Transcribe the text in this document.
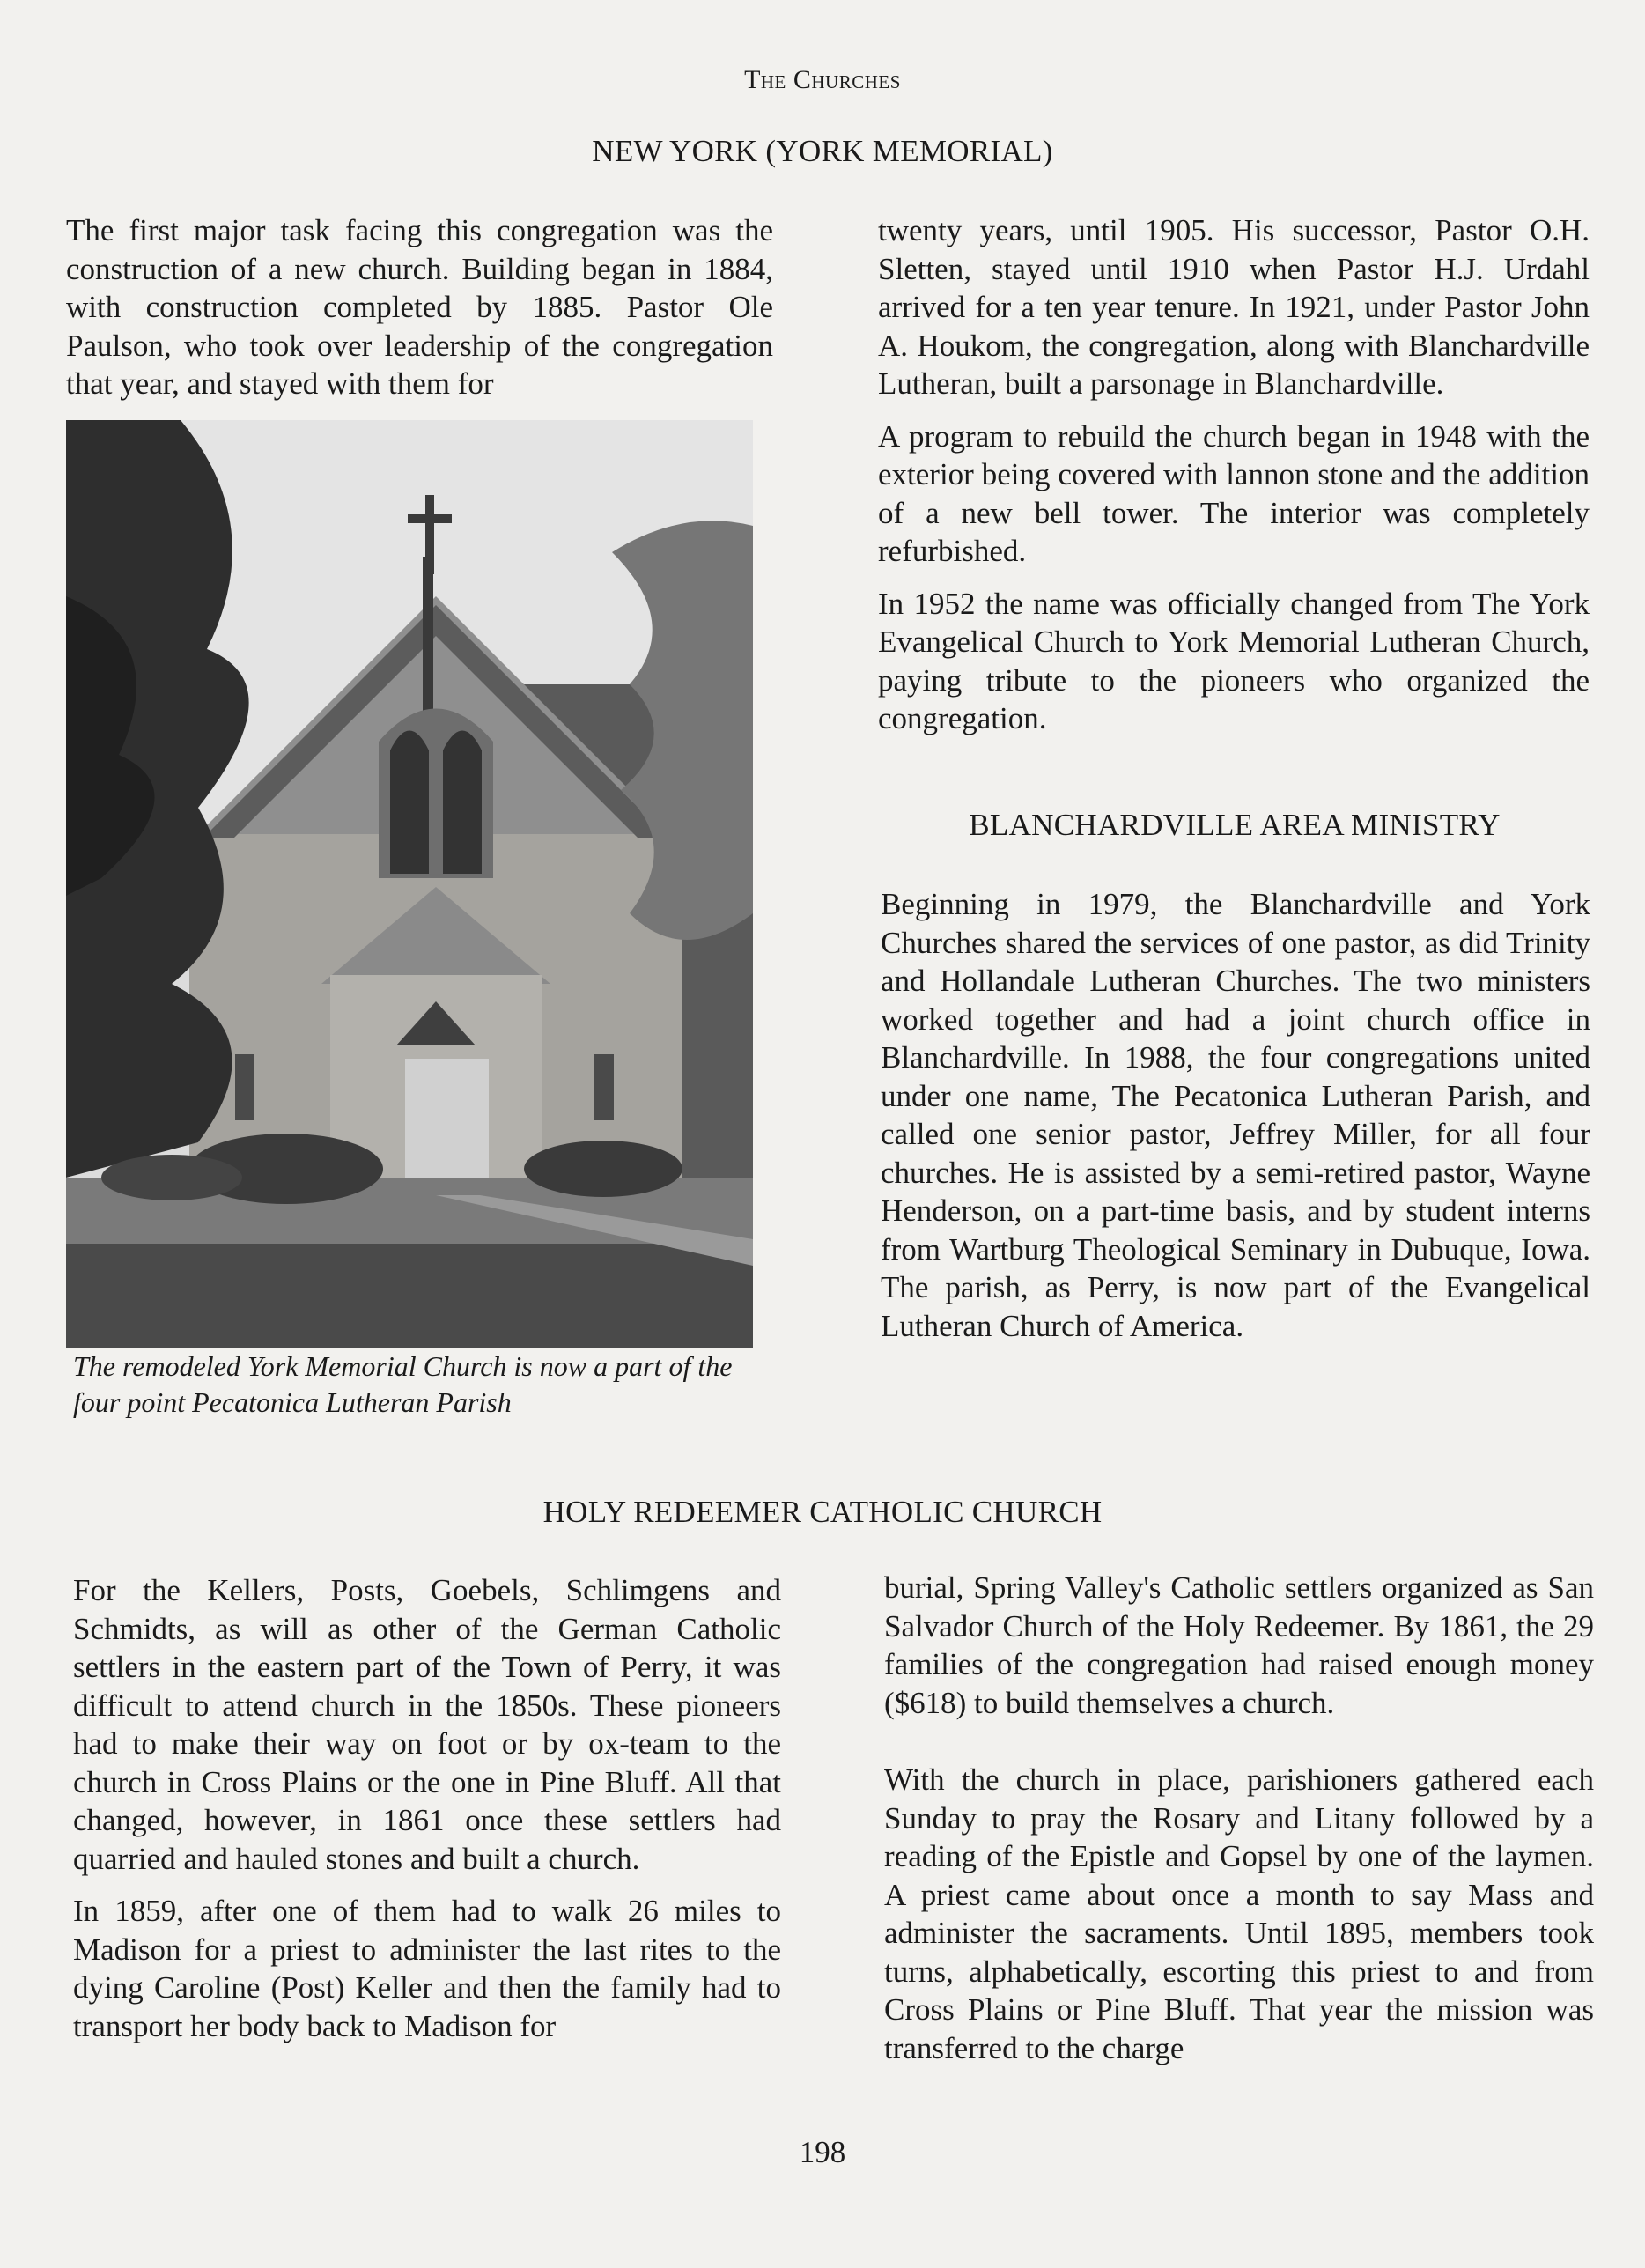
The Churches
NEW YORK (YORK MEMORIAL)

The first major task facing this congregation was the construction of a new church. Building began in 1884, with construction completed by 1885. Pastor Ole Paulson, who took over leadership of the congregation that year, and stayed with them for

The remodeled York Memorial Church is now a part of the four point Pecatonica Lutheran Parish

twenty years, until 1905. His successor, Pastor O.H. Sletten, stayed until 1910 when Pastor H.J. Urdahl arrived for a ten year tenure. In 1921, under Pastor John A. Houkom, the congregation, along with Blanchardville Lutheran, built a parsonage in Blanchardville.

A program to rebuild the church began in 1948 with the exterior being covered with lannon stone and the addition of a new bell tower. The interior was completely refurbished.

In 1952 the name was officially changed from The York Evangelical Church to York Memorial Lutheran Church, paying tribute to the pioneers who organized the congregation.

BLANCHARDVILLE AREA MINISTRY

Beginning in 1979, the Blanchardville and York Churches shared the services of one pastor, as did Trinity and Hollandale Lutheran Churches. The two ministers worked together and had a joint church office in Blanchardville. In 1988, the four congregations united under one name, The Pecatonica Lutheran Parish, and called one senior pastor, Jeffrey Miller, for all four churches. He is assisted by a semi-retired pastor, Wayne Henderson, on a part-time basis, and by student interns from Wartburg Theological Seminary in Dubuque, Iowa. The parish, as Perry, is now part of the Evangelical Lutheran Church of America.

HOLY REDEEMER CATHOLIC CHURCH

For the Kellers, Posts, Goebels, Schlimgens and Schmidts, as will as other of the German Catholic settlers in the eastern part of the Town of Perry, it was difficult to attend church in the 1850s. These pioneers had to make their way on foot or by ox-team to the church in Cross Plains or the one in Pine Bluff. All that changed, however, in 1861 once these settlers had quarried and hauled stones and built a church.

In 1859, after one of them had to walk 26 miles to Madison for a priest to administer the last rites to the dying Caroline (Post) Keller and then the family had to transport her body back to Madison for

burial, Spring Valley's Catholic settlers organized as San Salvador Church of the Holy Redeemer. By 1861, the 29 families of the congregation had raised enough money ($618) to build themselves a church.

With the church in place, parishioners gathered each Sunday to pray the Rosary and Litany followed by a reading of the Epistle and Gopsel by one of the laymen. A priest came about once a month to say Mass and administer the sacraments. Until 1895, members took turns, alphabetically, escorting this priest to and from Cross Plains or Pine Bluff. That year the mission was transferred to the charge

198
